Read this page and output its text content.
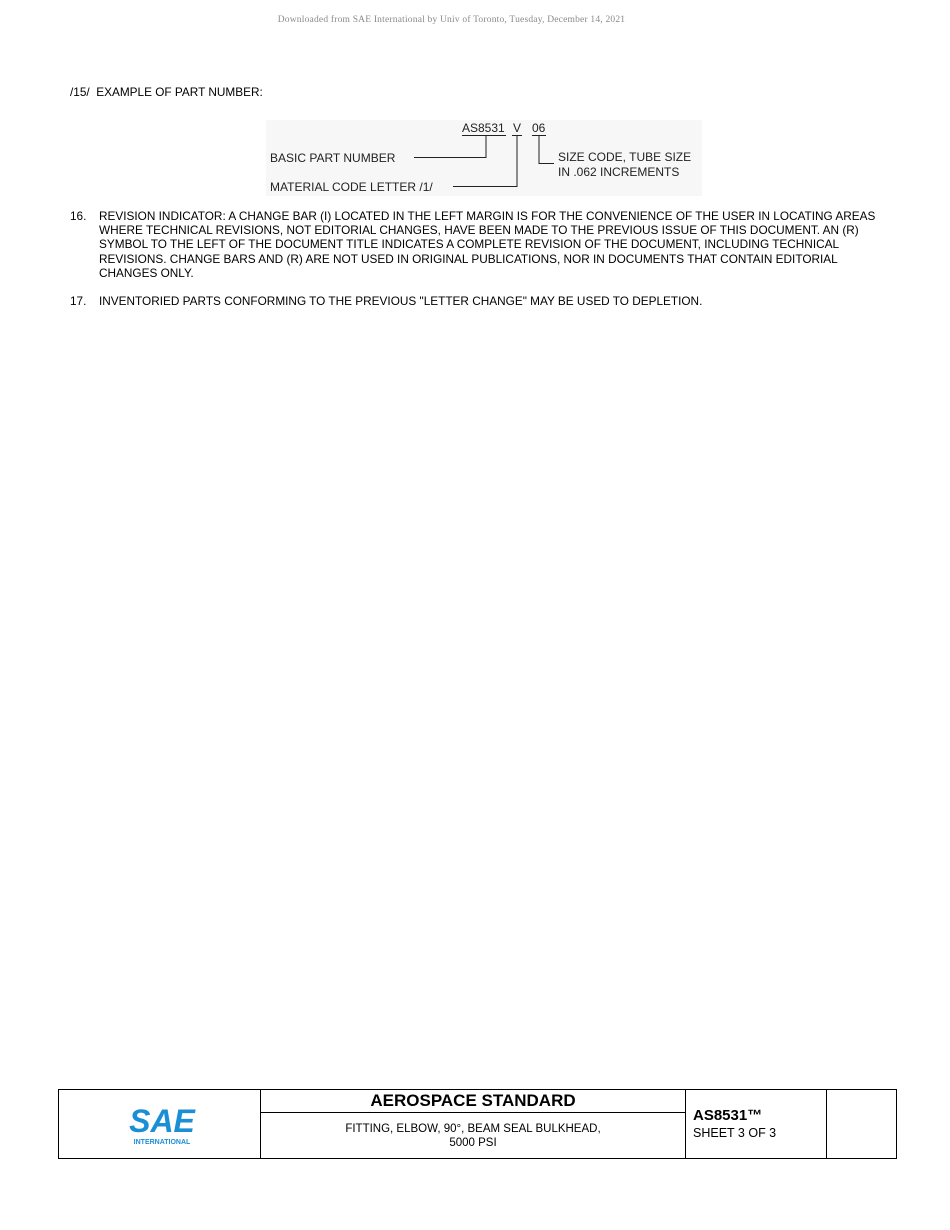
Downloaded from SAE International by Univ of Toronto, Tuesday, December 14, 2021
/15/  EXAMPLE OF PART NUMBER:
AS8531 V 06
BASIC PART NUMBER
MATERIAL CODE LETTER /1/
SIZE CODE, TUBE SIZE
IN .062 INCREMENTS
16. REVISION INDICATOR: A CHANGE BAR (I) LOCATED IN THE LEFT MARGIN IS FOR THE CONVENIENCE OF THE USER IN LOCATING AREAS WHERE TECHNICAL REVISIONS, NOT EDITORIAL CHANGES, HAVE BEEN MADE TO THE PREVIOUS ISSUE OF THIS DOCUMENT. AN (R) SYMBOL TO THE LEFT OF THE DOCUMENT TITLE INDICATES A COMPLETE REVISION OF THE DOCUMENT, INCLUDING TECHNICAL REVISIONS. CHANGE BARS AND (R) ARE NOT USED IN ORIGINAL PUBLICATIONS, NOR IN DOCUMENTS THAT CONTAIN EDITORIAL CHANGES ONLY.
17. INVENTORIED PARTS CONFORMING TO THE PREVIOUS "LETTER CHANGE" MAY BE USED TO DEPLETION.
SAE
INTERNATIONAL
AEROSPACE STANDARD
FITTING, ELBOW, 90°, BEAM SEAL BULKHEAD,
5000 PSI
AS8531™
SHEET 3 OF 3
